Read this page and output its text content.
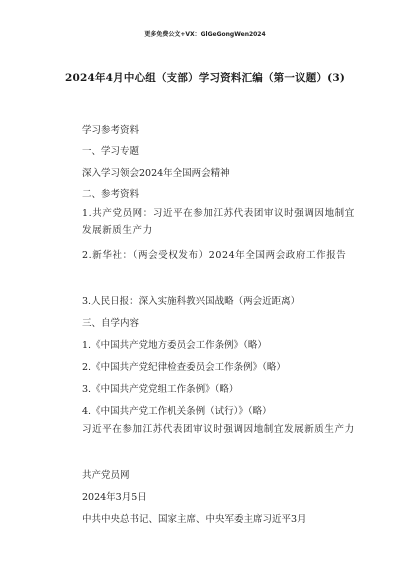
更多免费公文+VX：GlGeGongWen2024
2024年4月中心组（支部）学习资料汇编（第一议题）(3)
学习参考资料
一、学习专题
深入学习领会2024年全国两会精神
二、参考资料
1.共产党员网：习近平在参加江苏代表团审议时强调因地制宜发展新质生产力
2.新华社：（两会受权发布）2024年全国两会政府工作报告
3.人民日报：深入实施科教兴国战略（两会近距离）
三、自学内容
1.《中国共产党地方委员会工作条例》（略）
2.《中国共产党纪律检查委员会工作条例》（略）
3.《中国共产党党组工作条例》（略）
4.《中国共产党工作机关条例（试行）》（略）
习近平在参加江苏代表团审议时强调因地制宜发展新质生产力
共产党员网
2024年3月5日
中共中央总书记、国家主席、中央军委主席习近平3月
